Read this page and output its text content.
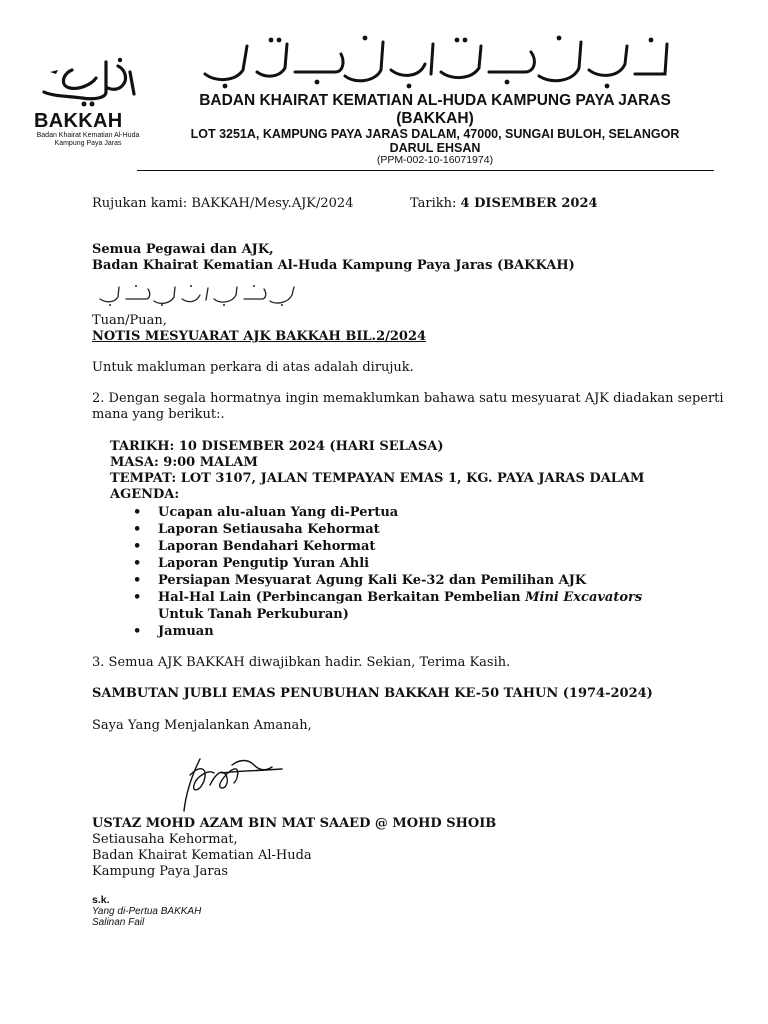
BAKKAH
Badan Khairat Kematian Al-Huda
Kampung Paya Jaras
BADAN KHAIRAT KEMATIAN AL-HUDA KAMPUNG PAYA JARAS
(BAKKAH)
LOT 3251A, KAMPUNG PAYA JARAS DALAM, 47000, SUNGAI BULOH, SELANGOR
DARUL EHSAN
(PPM-002-10-16071974)
Rujukan kami: BAKKAH/Mesy.AJK/2024	Tarikh: 4 DISEMBER 2024
Semua Pegawai dan AJK,
Badan Khairat Kematian Al-Huda Kampung Paya Jaras (BAKKAH)
Tuan/Puan,
NOTIS MESYUARAT AJK BAKKAH BIL.2/2024
Untuk makluman perkara di atas adalah dirujuk.
2. Dengan segala hormatnya ingin memaklumkan bahawa satu mesyuarat AJK diadakan seperti
mana yang berikut:.
TARIKH: 10 DISEMBER 2024 (HARI SELASA)
MASA: 9:00 MALAM
TEMPAT: LOT 3107, JALAN TEMPAYAN EMAS 1, KG. PAYA JARAS DALAM
AGENDA:
• Ucapan alu-aluan Yang di-Pertua
• Laporan Setiausaha Kehormat
• Laporan Bendahari Kehormat
• Laporan Pengutip Yuran Ahli
• Persiapan Mesyuarat Agung Kali Ke-32 dan Pemilihan AJK
• Hal-Hal Lain (Perbincangan Berkaitan Pembelian Mini Excavators
Untuk Tanah Perkuburan)
• Jamuan
3. Semua AJK BAKKAH diwajibkan hadir. Sekian, Terima Kasih.
SAMBUTAN JUBLI EMAS PENUBUHAN BAKKAH KE-50 TAHUN (1974-2024)
Saya Yang Menjalankan Amanah,
USTAZ MOHD AZAM BIN MAT SAAED @ MOHD SHOIB
Setiausaha Kehormat,
Badan Khairat Kematian Al-Huda
Kampung Paya Jaras
s.k.
Yang di-Pertua BAKKAH
Salinan Fail
